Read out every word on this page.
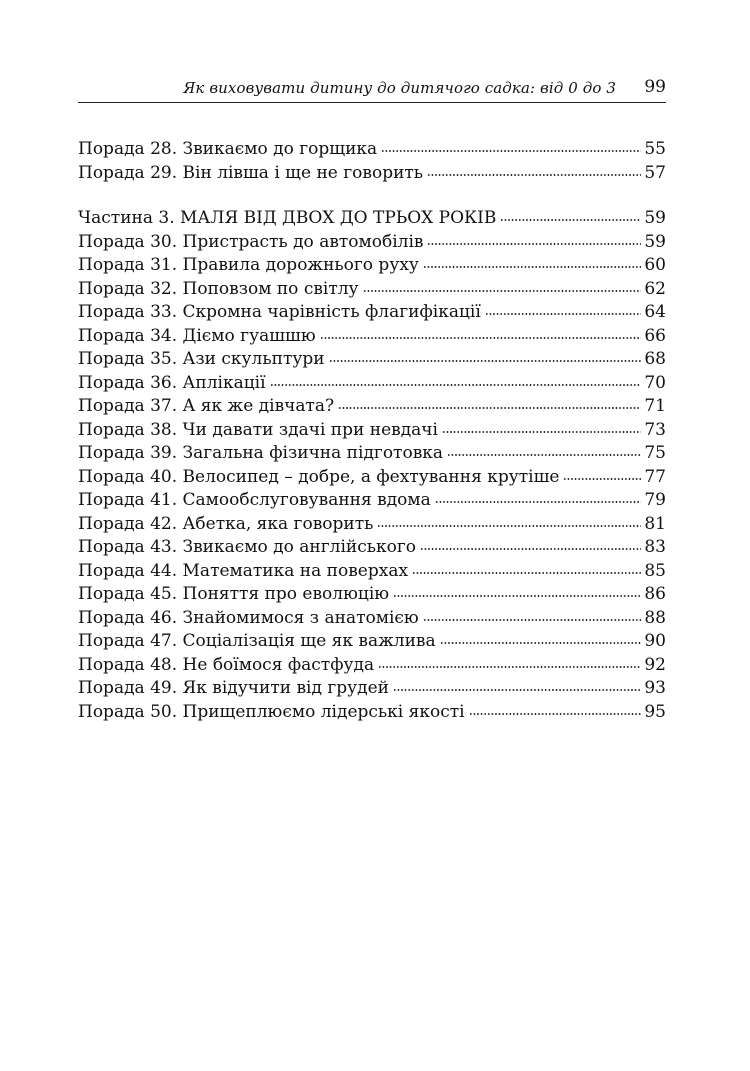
Як виховувати дитину до дитячого садка: від 0 до 3 99
Порада 28. Звикаємо до горщика	55
Порада 29. Він лівша і ще не говорить	57
Частина 3. МАЛЯ ВІД ДВОХ ДО ТРЬОХ РОКІВ	59
Порада 30. Пристрасть до автомобілів	59
Порада 31. Правила дорожнього руху	60
Порада 32. Поповзом по світлу	62
Порада 33. Скромна чарівність флагифікації	64
Порада 34. Діємо гуашшю	66
Порада 35. Ази скульптури	68
Порада 36. Аплікації	70
Порада 37. А як же дівчата?	71
Порада 38. Чи давати здачі при невдачі	73
Порада 39. Загальна фізична підготовка	75
Порада 40. Велосипед – добре, а фехтування крутіше	77
Порада 41. Самообслуговування вдома	79
Порада 42. Абетка, яка говорить	81
Порада 43. Звикаємо до англійського	83
Порада 44. Математика на поверхах	85
Порада 45. Поняття про еволюцію	86
Порада 46. Знайомимося з анатомією	88
Порада 47. Соціалізація ще як важлива	90
Порада 48. Не боїмося фастфуда	92
Порада 49. Як відучити від грудей	93
Порада 50. Прищеплюємо лідерські якості	95
